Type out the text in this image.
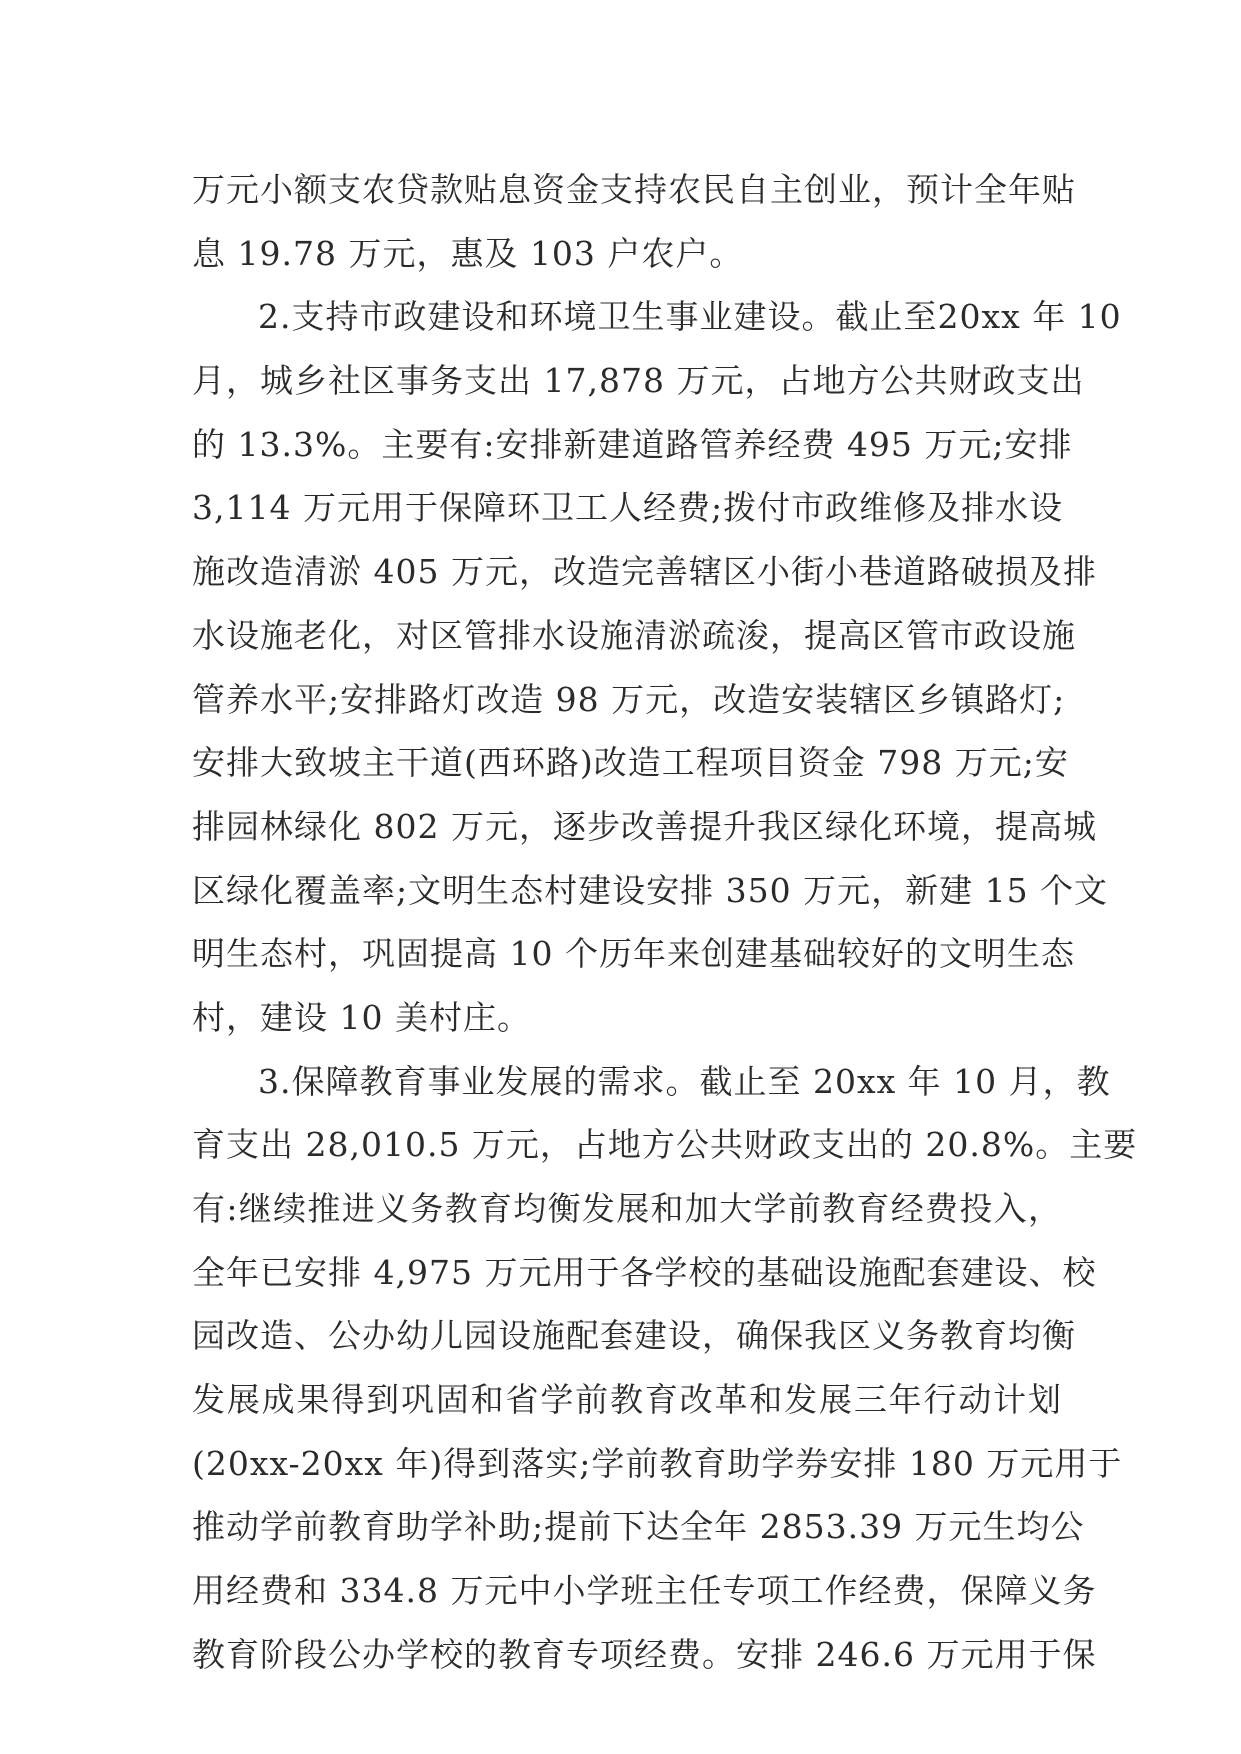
万元小额支农贷款贴息资金支持农民自主创业，预计全年贴
息 19.78 万元，惠及 103 户农户。
2.支持市政建设和环境卫生事业建设。截止至20xx 年 10
月，城乡社区事务支出 17,878 万元，占地方公共财政支出
的 13.3%。主要有:安排新建道路管养经费 495 万元;安排
3,114 万元用于保障环卫工人经费;拨付市政维修及排水设
施改造清淤 405 万元，改造完善辖区小街小巷道路破损及排
水设施老化，对区管排水设施清淤疏浚，提高区管市政设施
管养水平;安排路灯改造 98 万元，改造安装辖区乡镇路灯;
安排大致坡主干道(西环路)改造工程项目资金 798 万元;安
排园林绿化 802 万元，逐步改善提升我区绿化环境，提高城
区绿化覆盖率;文明生态村建设安排 350 万元，新建 15 个文
明生态村，巩固提高 10 个历年来创建基础较好的文明生态
村，建设 10 美村庄。
3.保障教育事业发展的需求。截止至 20xx 年 10 月，教
育支出 28,010.5 万元，占地方公共财政支出的 20.8%。主要
有:继续推进义务教育均衡发展和加大学前教育经费投入，
全年已安排 4,975 万元用于各学校的基础设施配套建设、校
园改造、公办幼儿园设施配套建设，确保我区义务教育均衡
发展成果得到巩固和省学前教育改革和发展三年行动计划
(20xx-20xx 年)得到落实;学前教育助学券安排 180 万元用于
推动学前教育助学补助;提前下达全年 2853.39 万元生均公
用经费和 334.8 万元中小学班主任专项工作经费，保障义务
教育阶段公办学校的教育专项经费。安排 246.6 万元用于保
